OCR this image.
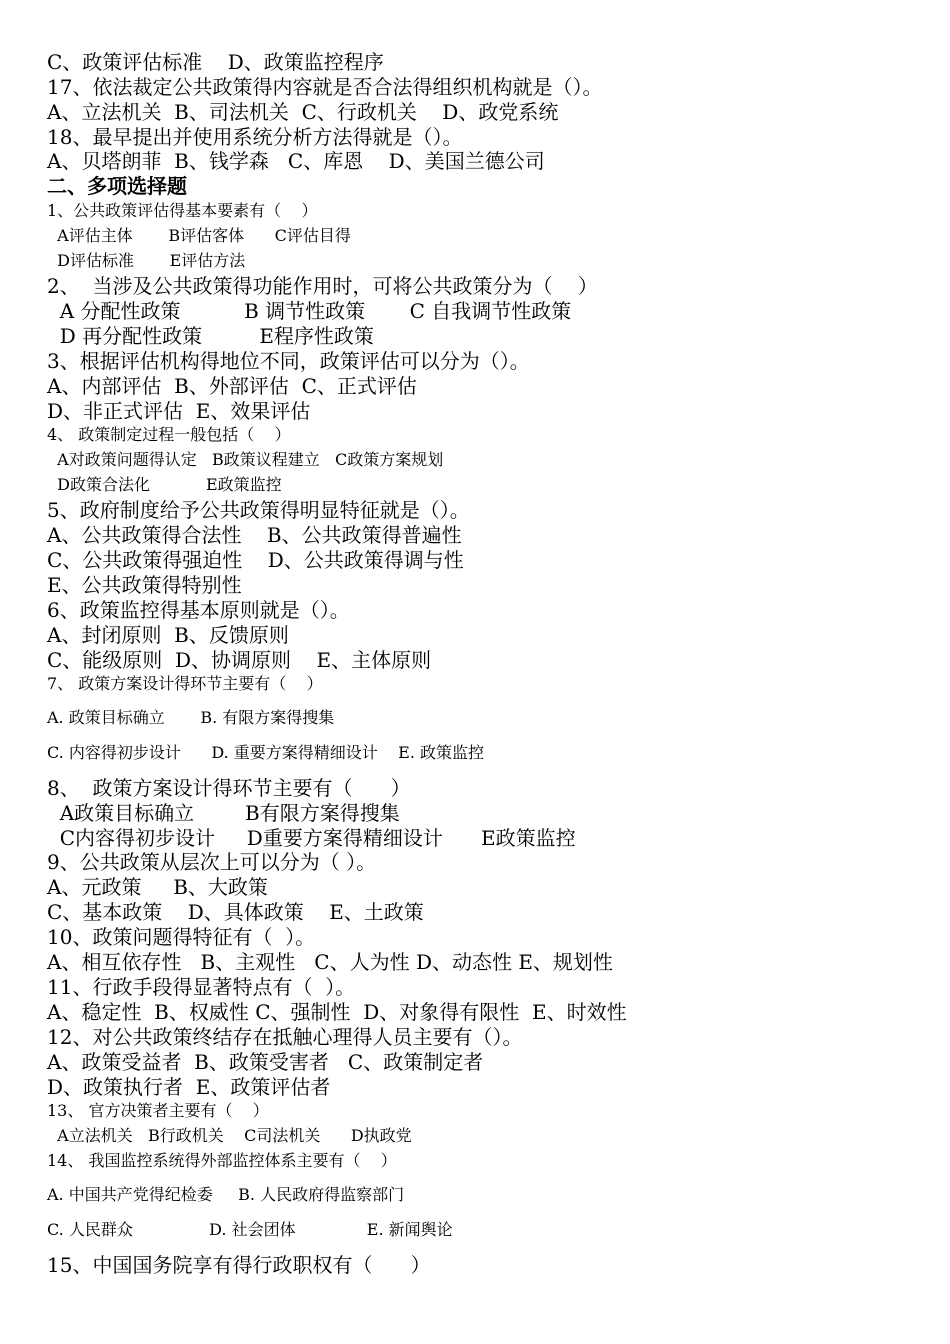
C、政策评估标准    D、政策监控程序
17、依法裁定公共政策得内容就是否合法得组织机构就是（）。
A、立法机关  B、司法机关  C、行政机关    D、政党系统
18、最早提出并使用系统分析方法得就是（）。
A、贝塔朗菲  B、钱学森   C、库恩    D、美国兰德公司
二、多项选择题
1、公共政策评估得基本要素有（    ）
A评估主体       B评估客体      C评估目得
D评估标准       E评估方法
2、  当涉及公共政策得功能作用时，可将公共政策分为（    ）
A 分配性政策          B 调节性政策       C 自我调节性政策
D 再分配性政策         E程序性政策
3、根据评估机构得地位不同，政策评估可以分为（）。
A、内部评估  B、外部评估  C、正式评估
D、非正式评估  E、效果评估
4、 政策制定过程一般包括（    ）
A对政策问题得认定   B政策议程建立   C政策方案规划
D政策合法化           E政策监控
5、政府制度给予公共政策得明显特征就是（）。
A、公共政策得合法性    B、公共政策得普遍性
C、公共政策得强迫性    D、公共政策得调与性
E、公共政策得特别性
6、政策监控得基本原则就是（）。
A、封闭原则  B、反馈原则
C、能级原则  D、协调原则    E、主体原则
7、 政策方案设计得环节主要有（    ）
A. 政策目标确立       B. 有限方案得搜集
C. 内容得初步设计      D. 重要方案得精细设计    E. 政策监控
8、  政策方案设计得环节主要有（      ）
A政策目标确立        B有限方案得搜集
C内容得初步设计     D重要方案得精细设计      E政策监控
9、公共政策从层次上可以分为（ ）。
A、元政策     B、大政策
C、基本政策    D、具体政策    E、土政策
10、政策问题得特征有（  ）。
A、相互依存性   B、主观性   C、人为性 D、动态性 E、规划性
11、行政手段得显著特点有（  ）。
A、稳定性  B、权威性 C、强制性  D、对象得有限性  E、时效性
12、对公共政策终结存在抵触心理得人员主要有（）。
A、政策受益者  B、政策受害者   C、政策制定者
D、政策执行者  E、政策评估者
13、 官方决策者主要有（    ）
A立法机关   B行政机关    C司法机关      D执政党
14、 我国监控系统得外部监控体系主要有（    ）
A. 中国共产党得纪检委     B. 人民政府得监察部门
C. 人民群众               D. 社会团体              E. 新闻舆论
15、中国国务院享有得行政职权有（      ）
